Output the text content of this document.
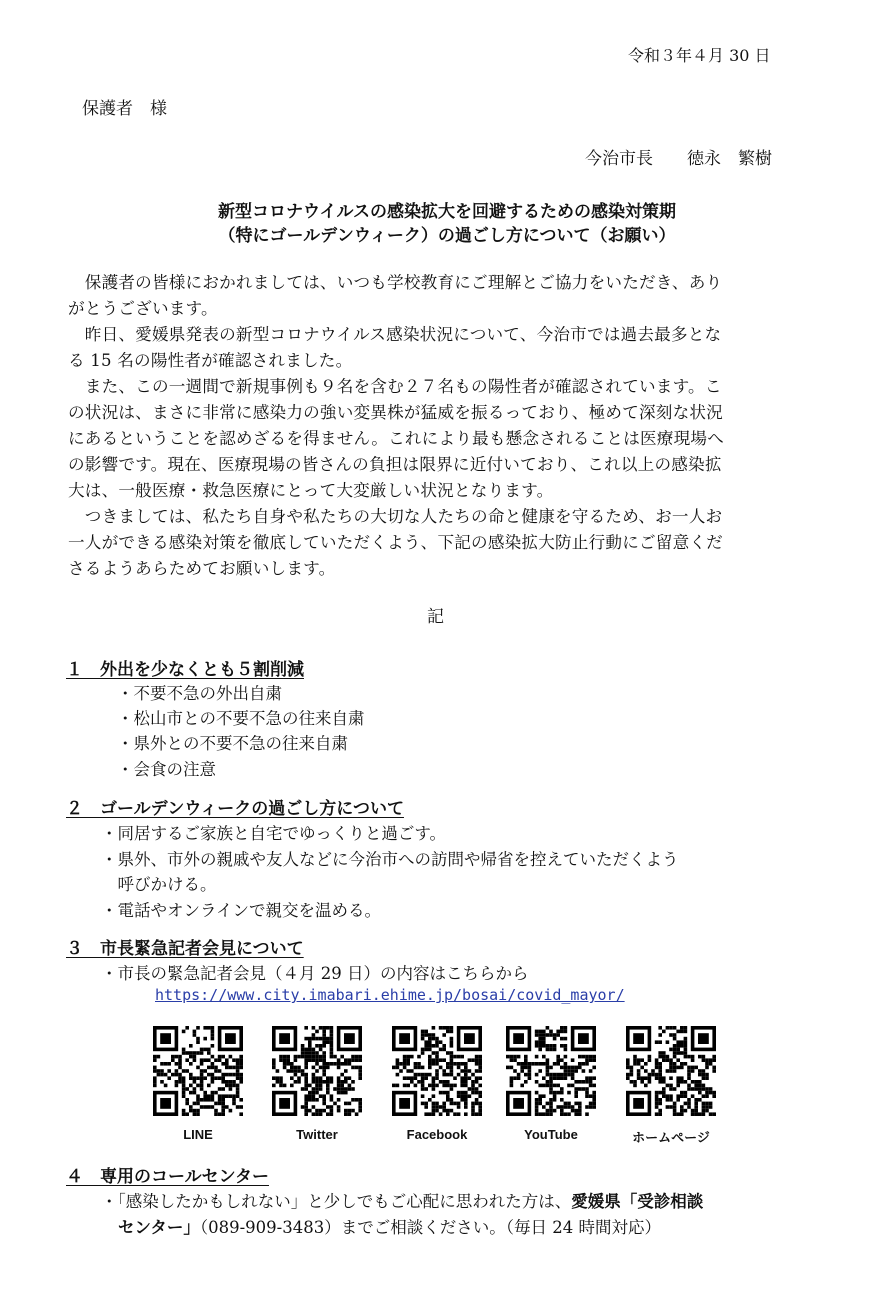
令和３年４月 30 日
保護者　様
今治市長　　徳永　繁樹
新型コロナウイルスの感染拡大を回避するための感染対策期
（特にゴールデンウィーク）の過ごし方について（お願い）
　保護者の皆様におかれましては、いつも学校教育にご理解とご協力をいただき、あり
がとうございます。
　昨日、愛媛県発表の新型コロナウイルス感染状況について、今治市では過去最多とな
る 15 名の陽性者が確認されました。
　また、この一週間で新規事例も９名を含む２７名もの陽性者が確認されています。こ
の状況は、まさに非常に感染力の強い変異株が猛威を振るっており、極めて深刻な状況
にあるということを認めざるを得ません。これにより最も懸念されることは医療現場へ
の影響です。現在、医療現場の皆さんの負担は限界に近付いており、これ以上の感染拡
大は、一般医療・救急医療にとって大変厳しい状況となります。
　つきましては、私たち自身や私たちの大切な人たちの命と健康を守るため、お一人お
一人ができる感染対策を徹底していただくよう、下記の感染拡大防止行動にご留意くだ
さるようあらためてお願いします。
記
１　外出を少なくとも５割削減
・不要不急の外出自粛
・松山市との不要不急の往来自粛
・県外との不要不急の往来自粛
・会食の注意
２　ゴールデンウィークの過ごし方について
・同居するご家族と自宅でゆっくりと過ごす。
・県外、市外の親戚や友人などに今治市への訪問や帰省を控えていただくよう
　呼びかける。
・電話やオンラインで親交を温める。
３　市長緊急記者会見について
・市長の緊急記者会見（４月 29 日）の内容はこちらから
https://www.city.imabari.ehime.jp/bosai/covid_mayor/
LINE	Twitter	Facebook	YouTube	ホームページ
４　専用のコールセンター
・「感染したかもしれない」と少しでもご心配に思われた方は、愛媛県「受診相談
センター」（089-909-3483）までご相談ください。（毎日 24 時間対応）
